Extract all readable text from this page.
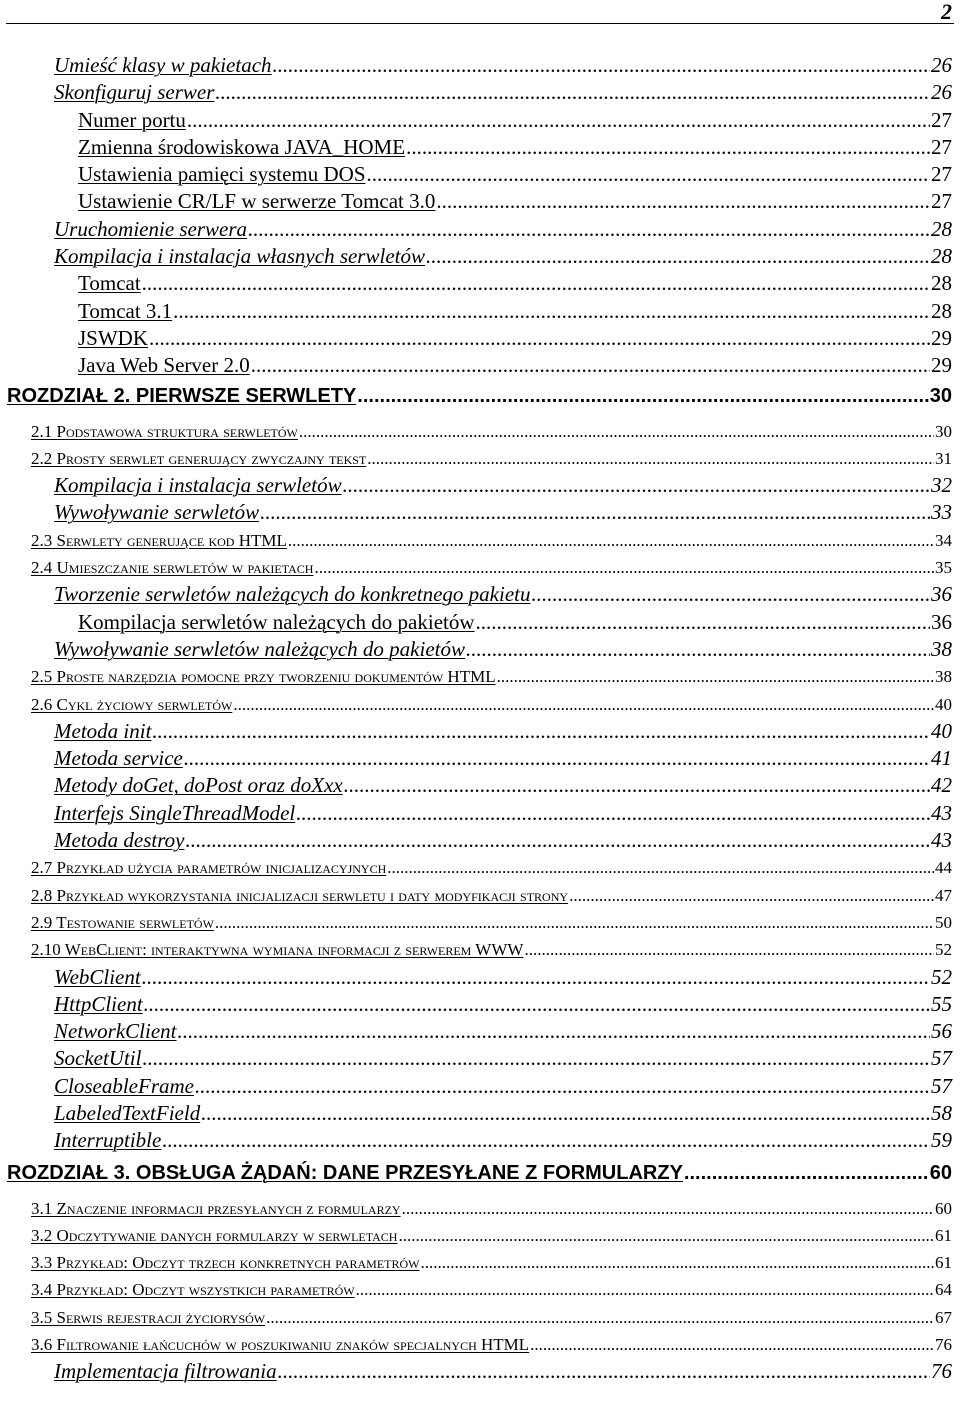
2
Umieść klasy w pakietach .....	26
Skonfiguruj serwer .....	26
Numer portu .....	27
Zmienna środowiskowa JAVA_HOME .....	27
Ustawienia pamięci systemu DOS .....	27
Ustawienie CR/LF w serwerze Tomcat 3.0 .....	27
Uruchomienie serwera .....	28
Kompilacja i instalacja własnych serwletów .....	28
Tomcat .....	28
Tomcat 3.1 .....	28
JSWDK .....	29
Java Web Server 2.0 .....	29
ROZDZIAŁ 2. PIERWSZE SERWLETY .....	30
2.1 Podstawowa struktura serwletów .....	30
2.2 Prosty serwlet generujący zwyczajny tekst .....	31
Kompilacja i instalacja serwletów .....	32
Wywoływanie serwletów .....	33
2.3 Serwlety generujące kod HTML .....	34
2.4 Umieszczanie serwletów w pakietach .....	35
Tworzenie serwletów należących do konkretnego pakietu .....	36
Kompilacja serwletów należących do pakietów .....	36
Wywoływanie serwletów należących do pakietów .....	38
2.5 Proste narzędzia pomocne przy tworzeniu dokumentów HTML .....	38
2.6 Cykl życiowy serwletów .....	40
Metoda init .....	40
Metoda service .....	41
Metody doGet, doPost oraz doXxx .....	42
Interfejs SingleThreadModel .....	43
Metoda destroy .....	43
2.7 Przykład użycia parametrów inicjalizacyjnych .....	44
2.8 Przykład wykorzystania inicjalizacji serwletu i daty modyfikacji strony .....	47
2.9 Testowanie serwletów .....	50
2.10 WebClient: interaktywna wymiana informacji z serwerem WWW .....	52
WebClient .....	52
HttpClient .....	55
NetworkClient .....	56
SocketUtil .....	57
CloseableFrame .....	57
LabeledTextField .....	58
Interruptible .....	59
ROZDZIAŁ 3. OBSŁUGA ŻĄDAŃ: DANE PRZESYŁANE Z FORMULARZY .....	60
3.1 Znaczenie informacji przesyłanych z formularzy .....	60
3.2 Odczytywanie danych formularzy w serwletach .....	61
3.3 Przykład: Odczyt trzech konkretnych parametrów .....	61
3.4 Przykład: Odczyt wszystkich parametrów .....	64
3.5 Serwis rejestracji życiorysów .....	67
3.6 Filtrowanie łańcuchów w poszukiwaniu znaków specjalnych HTML .....	76
Implementacja filtrowania .....	76
